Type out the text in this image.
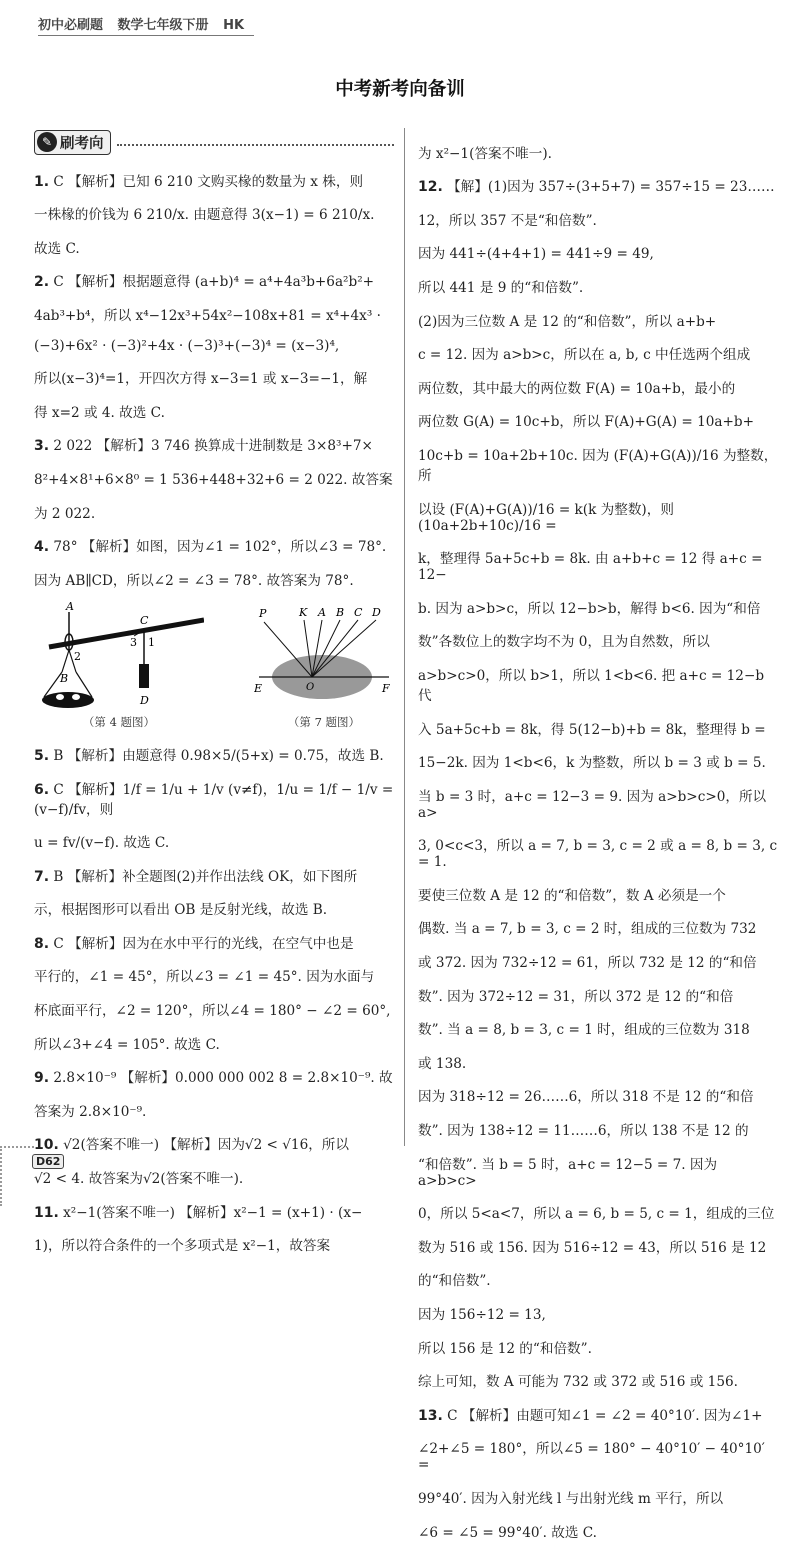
初中必刷题 数学七年级下册 HK
中考新考向备训
✎ 刷考向

1. C 【解析】已知 6 210 文购买椽的数量为 x 株，则

一株椽的价钱为 6 210/x. 由题意得 3(x−1) = 6 210/x.

故选 C.

2. C 【解析】根据题意得 (a+b)⁴ = a⁴+4a³b+6a²b²+

4ab³+b⁴，所以 x⁴−12x³+54x²−108x+81 = x⁴+4x³ ·

(−3)+6x² · (−3)²+4x · (−3)³+(−3)⁴ = (x−3)⁴,

所以(x−3)⁴=1，开四次方得 x−3=1 或 x−3=−1，解

得 x=2 或 4. 故选 C.

3. 2 022 【解析】3 746 换算成十进制数是 3×8³+7×

8²+4×8¹+6×8⁰ = 1 536+448+32+6 = 2 022. 故答案

为 2 022.

4. 78° 【解析】如图，因为∠1 = 102°，所以∠3 = 78°.

因为 AB∥CD，所以∠2 = ∠3 = 78°. 故答案为 78°.

A
2
B
C
3 1
D
（第 4 题图）
P	K A B C D
E	F
O
（第 7 题图）

5. B 【解析】由题意得 0.98×5/(5+x) = 0.75，故选 B.

6. C 【解析】1/f = 1/u + 1/v (v≠f)，1/u = 1/f − 1/v = (v−f)/fv，则

u = fv/(v−f). 故选 C.

7. B 【解析】补全题图(2)并作出法线 OK，如下图所

示，根据图形可以看出 OB 是反射光线，故选 B.

8. C 【解析】因为在水中平行的光线，在空气中也是

平行的，∠1 = 45°，所以∠3 = ∠1 = 45°. 因为水面与

杯底面平行，∠2 = 120°，所以∠4 = 180° − ∠2 = 60°,

所以∠3+∠4 = 105°. 故选 C.

9. 2.8×10⁻⁹ 【解析】0.000 000 002 8 = 2.8×10⁻⁹. 故

答案为 2.8×10⁻⁹.

10. √2(答案不唯一) 【解析】因为√2 < √16，所以

√2 < 4. 故答案为√2(答案不唯一).

11. x²−1(答案不唯一) 【解析】x²−1 = (x+1) · (x−

1)，所以符合条件的一个多项式是 x²−1，故答案

为 x²−1(答案不唯一).

12. 【解】(1)因为 357÷(3+5+7) = 357÷15 = 23……

12，所以 357 不是“和倍数”.

因为 441÷(4+4+1) = 441÷9 = 49,

所以 441 是 9 的“和倍数”.

(2)因为三位数 A 是 12 的“和倍数”，所以 a+b+

c = 12. 因为 a>b>c，所以在 a, b, c 中任选两个组成

两位数，其中最大的两位数 F(A) = 10a+b，最小的

两位数 G(A) = 10c+b，所以 F(A)+G(A) = 10a+b+

10c+b = 10a+2b+10c. 因为 (F(A)+G(A))/16 为整数，所

以设 (F(A)+G(A))/16 = k(k 为整数)，则 (10a+2b+10c)/16 =

k，整理得 5a+5c+b = 8k. 由 a+b+c = 12 得 a+c = 12−

b. 因为 a>b>c，所以 12−b>b，解得 b<6. 因为“和倍

数”各数位上的数字均不为 0，且为自然数，所以

a>b>c>0，所以 b>1，所以 1<b<6. 把 a+c = 12−b 代

入 5a+5c+b = 8k，得 5(12−b)+b = 8k，整理得 b =

15−2k. 因为 1<b<6，k 为整数，所以 b = 3 或 b = 5.

当 b = 3 时，a+c = 12−3 = 9. 因为 a>b>c>0，所以 a>

3, 0<c<3，所以 a = 7, b = 3, c = 2 或 a = 8, b = 3, c = 1.

要使三位数 A 是 12 的“和倍数”，数 A 必须是一个

偶数. 当 a = 7, b = 3, c = 2 时，组成的三位数为 732

或 372. 因为 732÷12 = 61，所以 732 是 12 的“和倍

数”. 因为 372÷12 = 31，所以 372 是 12 的“和倍

数”. 当 a = 8, b = 3, c = 1 时，组成的三位数为 318

或 138.

因为 318÷12 = 26……6，所以 318 不是 12 的“和倍

数”. 因为 138÷12 = 11……6，所以 138 不是 12 的

“和倍数”. 当 b = 5 时，a+c = 12−5 = 7. 因为 a>b>c>

0，所以 5<a<7，所以 a = 6, b = 5, c = 1，组成的三位

数为 516 或 156. 因为 516÷12 = 43，所以 516 是 12

的“和倍数”.

因为 156÷12 = 13,

所以 156 是 12 的“和倍数”.

综上可知，数 A 可能为 732 或 372 或 516 或 156.

13. C 【解析】由题可知∠1 = ∠2 = 40°10′. 因为∠1+

∠2+∠5 = 180°，所以∠5 = 180° − 40°10′ − 40°10′ =

99°40′. 因为入射光线 l 与出射光线 m 平行，所以

∠6 = ∠5 = 99°40′. 故选 C.

D62
